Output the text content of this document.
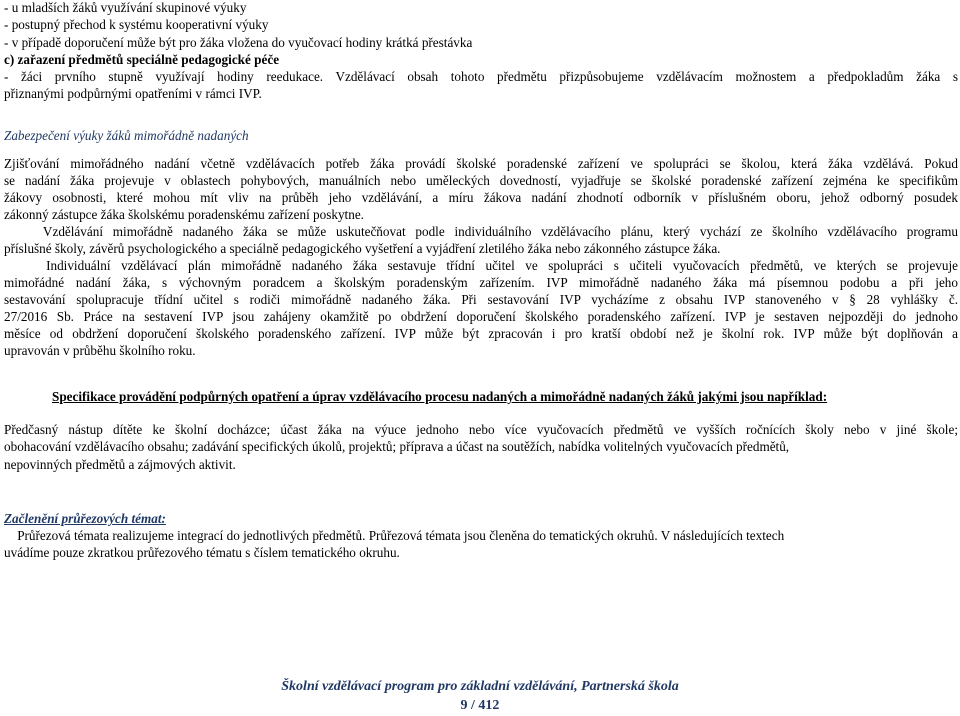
- u mladších žáků využívání skupinové výuky
- postupný přechod k systému kooperativní výuky
- v případě doporučení může být pro žáka vložena do vyučovací hodiny krátká přestávka
c) zařazení předmětů speciálně pedagogické péče
- žáci prvního stupně využívají hodiny reedukace. Vzdělávací obsah tohoto předmětu přizpůsobujeme vzdělávacím možnostem a předpokladům žáka s
přiznanými podpůrnými opatřeními v rámci IVP.
Zabezpečení výuky žáků mimořádně nadaných
Zjišťování mimořádného nadání včetně vzdělávacích potřeb žáka provádí školské poradenské zařízení ve spolupráci se školou, která žáka vzdělává. Pokud
se nadání žáka projevuje v oblastech pohybových, manuálních nebo uměleckých dovedností, vyjadřuje se školské poradenské zařízení zejména ke specifikům
žákovy osobnosti, které mohou mít vliv na průběh jeho vzdělávání, a míru žákova nadání zhodnotí odborník v příslušném oboru, jehož odborný posudek
zákonný zástupce žáka školskému poradenskému zařízení poskytne.
Vzdělávání mimořádně nadaného žáka se může uskutečňovat podle individuálního vzdělávacího plánu, který vychází ze školního vzdělávacího programu
příslušné školy, závěrů psychologického a speciálně pedagogického vyšetření a vyjádření zletilého žáka nebo zákonného zástupce žáka.
Individuální vzdělávací plán mimořádně nadaného žáka sestavuje třídní učitel ve spolupráci s učiteli vyučovacích předmětů, ve kterých se projevuje
mimořádné nadání žáka, s výchovným poradcem a školským poradenským zařízením. IVP mimořádně nadaného žáka má písemnou podobu a při jeho
sestavování spolupracuje třídní učitel s rodiči mimořádně nadaného žáka. Při sestavování IVP vycházíme z obsahu IVP stanoveného v § 28 vyhlášky č.
27/2016 Sb. Práce na sestavení IVP jsou zahájeny okamžitě po obdržení doporučení školského poradenského zařízení. IVP je sestaven nejpozději do jednoho
měsíce od obdržení doporučení školského poradenského zařízení. IVP může být zpracován i pro kratší období než je školní rok. IVP může být doplňován a
upravován v průběhu školního roku.
Specifikace provádění podpůrných opatření a úprav vzdělávacího procesu nadaných a mimořádně nadaných žáků jakými jsou například:
Předčasný nástup dítěte ke školní docházce; účast žáka na výuce jednoho nebo více vyučovacích předmětů ve vyšších ročnících školy nebo v jiné škole;
obohacování vzdělávacího obsahu; zadávání specifických úkolů, projektů; příprava a účast na soutěžích, nabídka volitelných vyučovacích předmětů,
nepovinných předmětů a zájmových aktivit.
Začlenění průřezových témat:
Průřezová témata realizujeme integrací do jednotlivých předmětů. Průřezová témata jsou členěna do tematických okruhů. V následujících textech
uvádíme pouze zkratkou průřezového tématu s číslem tematického okruhu.
Školní vzdělávací program pro základní vzdělávání, Partnerská škola
9 / 412
